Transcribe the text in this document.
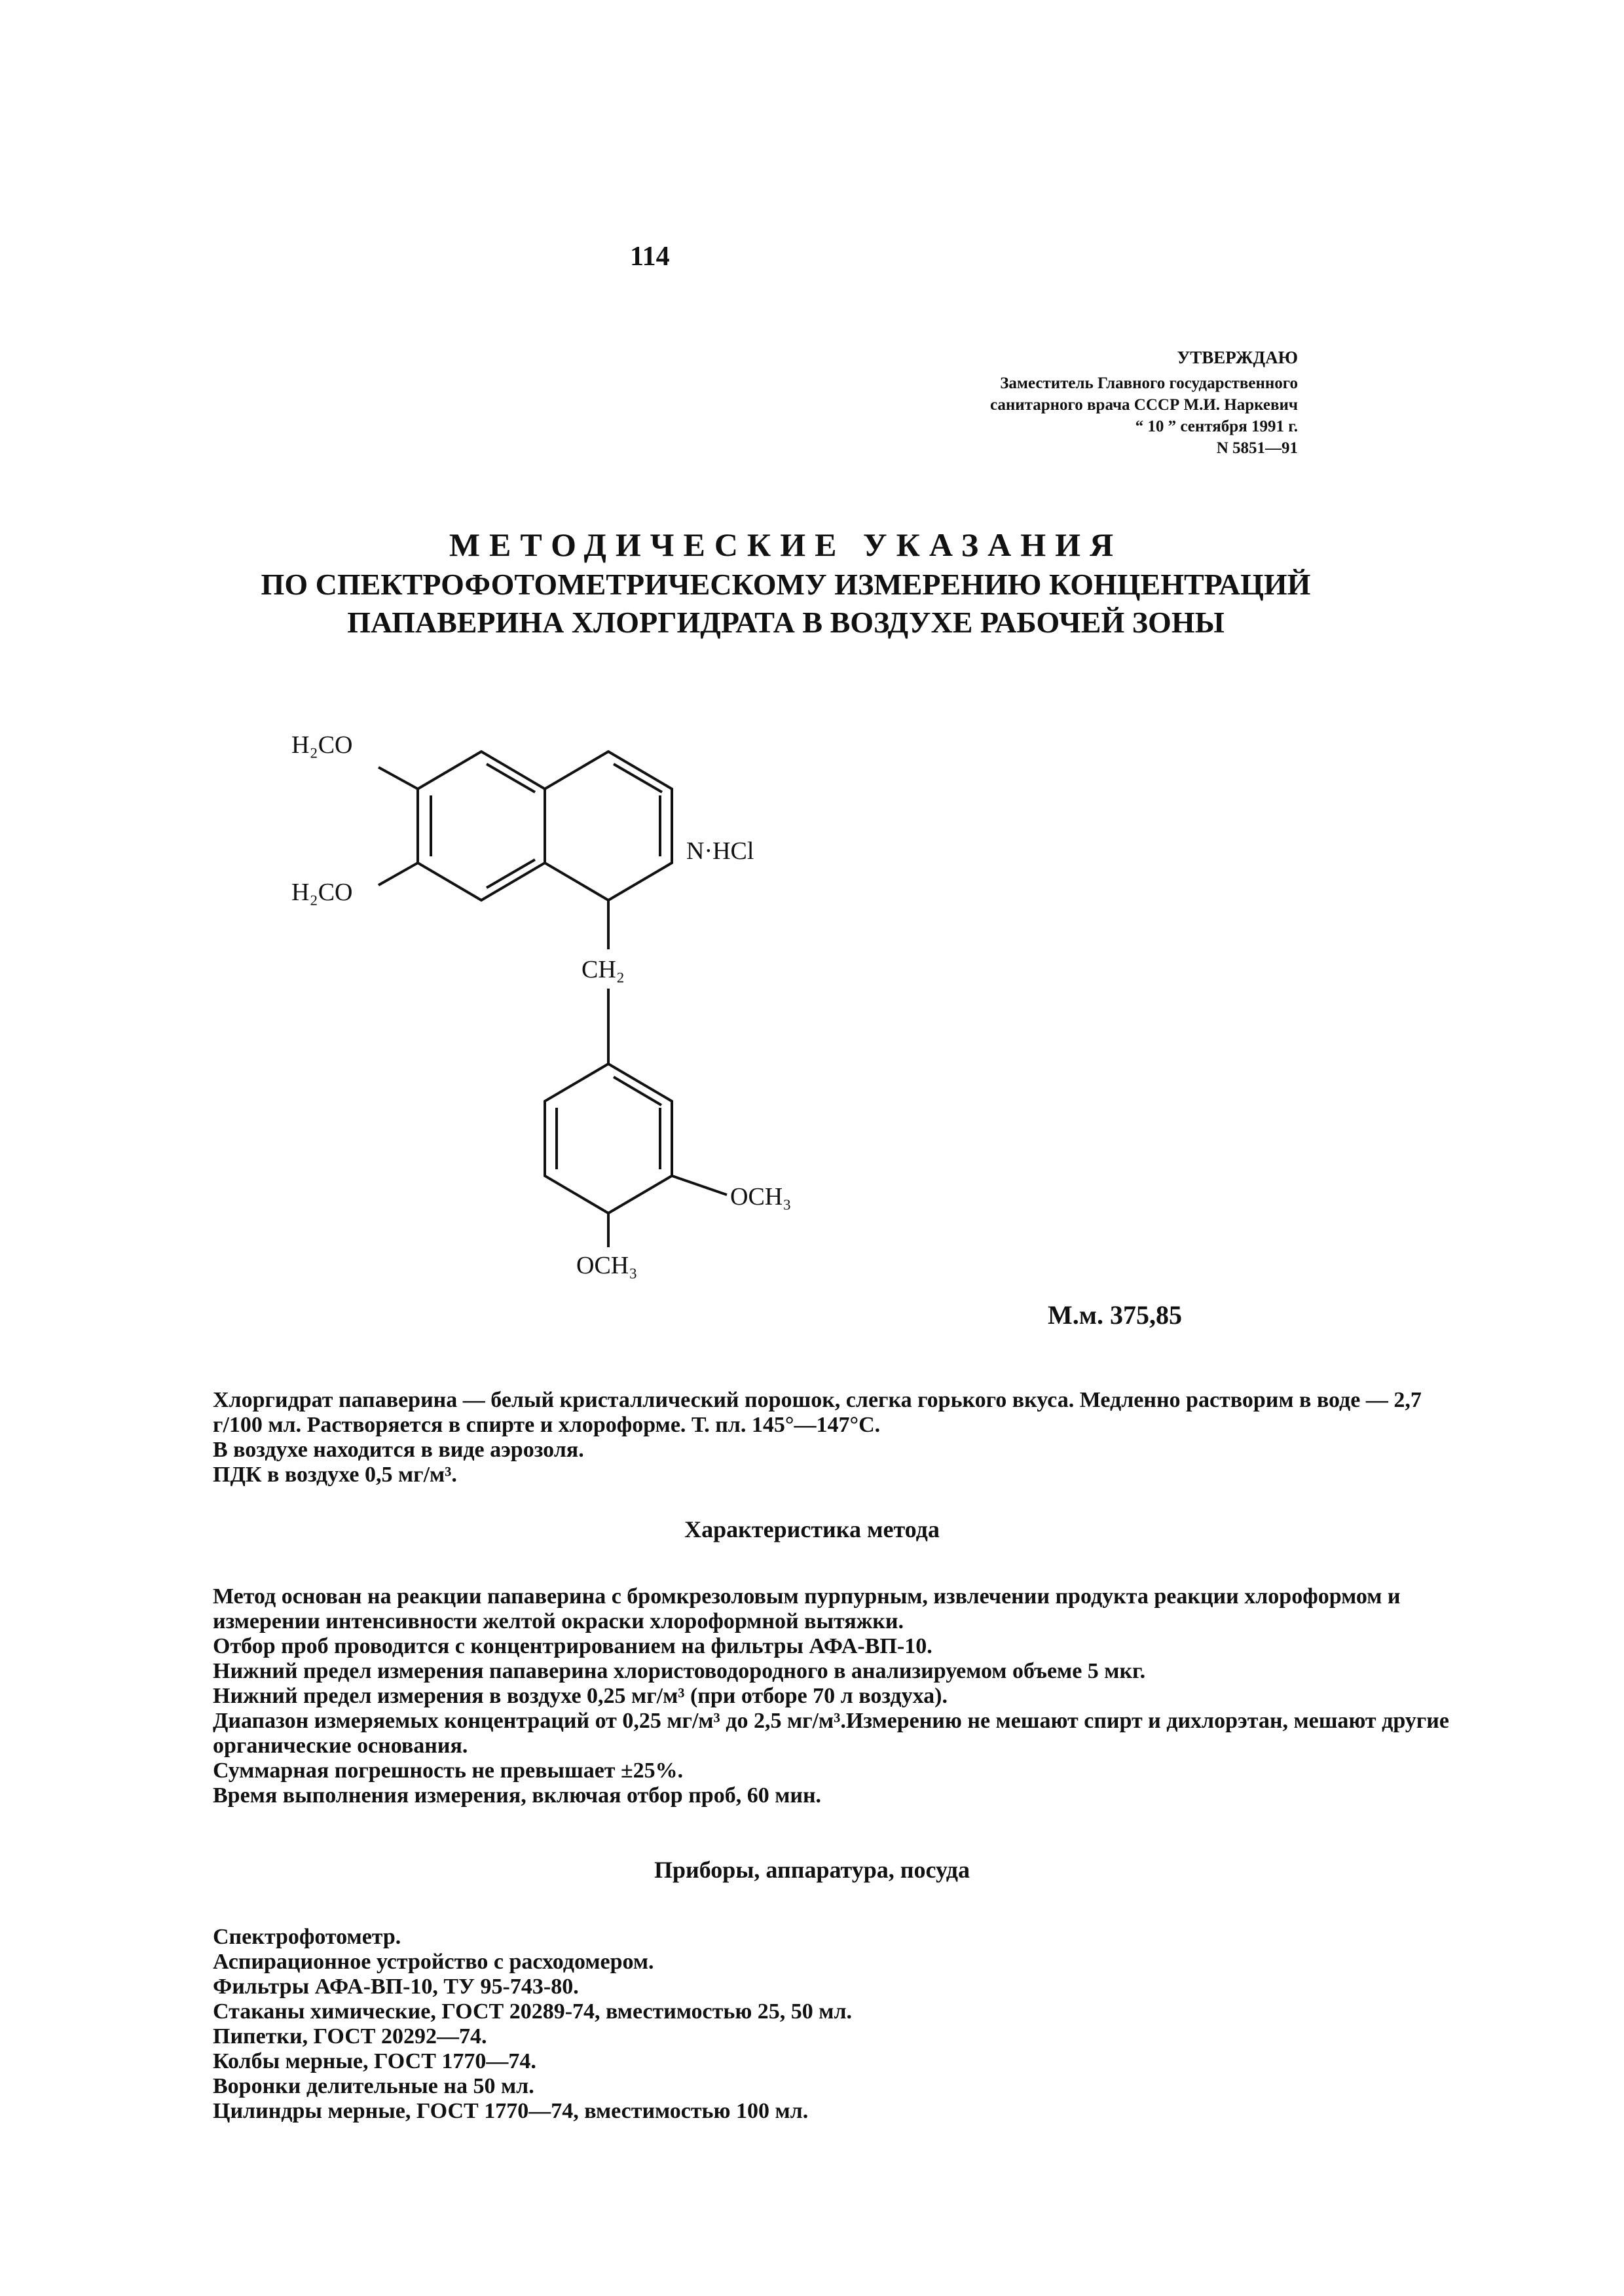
114
УТВЕРЖДАЮ
Заместитель Главного государственного
санитарного врача СССР М.И. Наркевич
“ 10 ” сентября 1991 г.
N 5851—91
МЕТОДИЧЕСКИЕ УКАЗАНИЯ
ПО СПЕКТРОФОТОМЕТРИЧЕСКОМУ ИЗМЕРЕНИЮ КОНЦЕНТРАЦИЙ
ПАПАВЕРИНА ХЛОРГИДРАТА В ВОЗДУХЕ РАБОЧЕЙ ЗОНЫ
H₂CO
H₂CO
N·HCl
CH₂
OCH₃
OCH₃
М.м. 375,85

Хлоргидрат папаверина — белый кристаллический порошок, слегка горького вкуса. Медленно растворим в воде — 2,7 г/100 мл. Растворяется в спирте и хлороформе. Т. пл. 145°—147°С.

В воздухе находится в виде аэрозоля.

ПДК в воздухе 0,5 мг/м³.

Характеристика метода

Метод основан на реакции папаверина с бромкрезоловым пурпурным, извлечении продукта реакции хлороформом и измерении интенсивности желтой окраски хлороформной вытяжки.

Отбор проб проводится с концентрированием на фильтры АФА-ВП-10.

Нижний предел измерения папаверина хлористоводородного в анализируемом объеме 5 мкг.

Нижний предел измерения в воздухе 0,25 мг/м³ (при отборе 70 л воздуха).

Диапазон измеряемых концентраций от 0,25 мг/м³ до 2,5 мг/м³.Измерению не мешают спирт и дихлорэтан, мешают другие органические основания.

Суммарная погрешность не превышает ±25%.

Время выполнения измерения, включая отбор проб, 60 мин.

Приборы, аппаратура, посуда

Спектрофотометр.

Аспирационное устройство с расходомером.

Фильтры АФА-ВП-10, ТУ 95-743-80.

Стаканы химические, ГОСТ 20289-74, вместимостью 25, 50 мл.

Пипетки, ГОСТ 20292—74.

Колбы мерные, ГОСТ 1770—74.

Воронки делительные на 50 мл.

Цилиндры мерные, ГОСТ 1770—74, вместимостью 100 мл.
